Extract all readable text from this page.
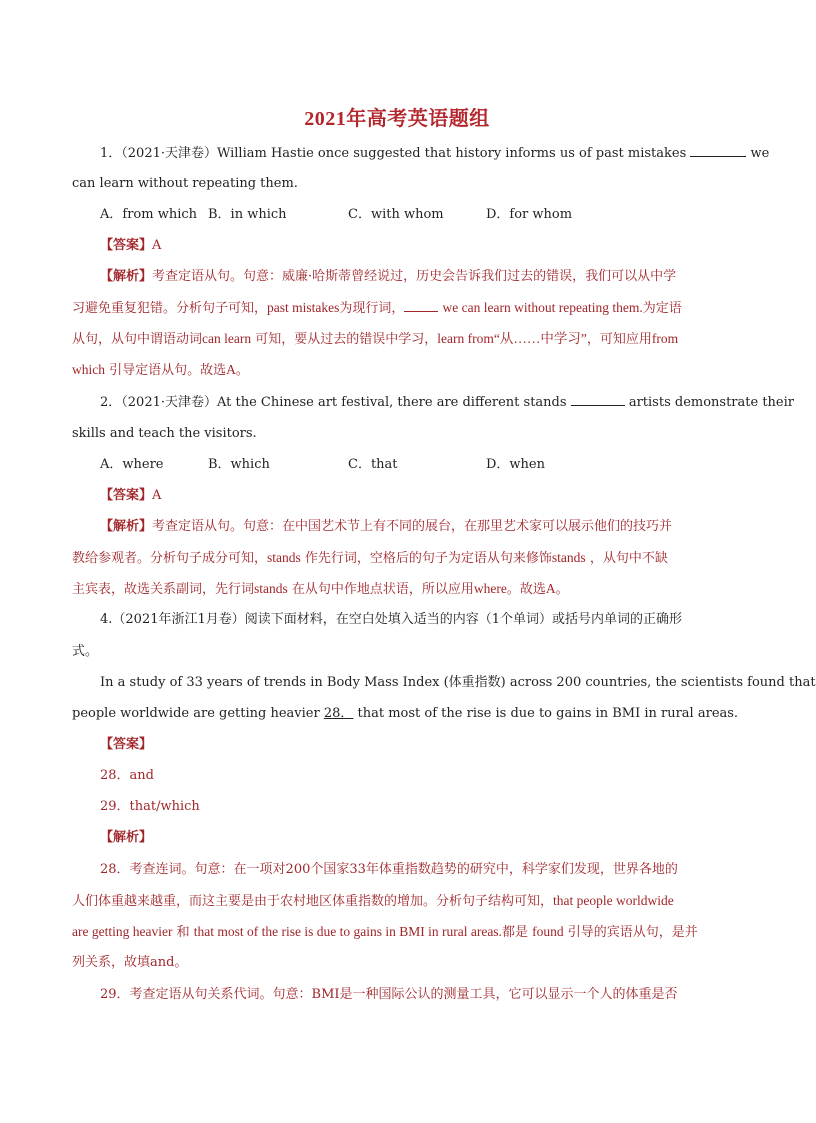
2021年高考英语题组
1．（2021·天津卷）William Hastie once suggested that history informs us of past mistakes	we
can learn without repeating them.
A．from which B．in which	C．with whom	D．for whom
【答案】A
【解析】考查定语从句。句意：威廉·哈斯蒂曾经说过，历史会告诉我们过去的错误，我们可以从中学
习避免重复犯错。分析句子可知，past mistakes为现行词，	we can learn without repeating them.为定语
从句，从句中谓语动词can learn 可知，要从过去的错误中学习，learn from“从……中学习”，可知应用from
which 引导定语从句。故选A。
2．（2021·天津卷）At the Chinese art festival, there are different stands	artists demonstrate their
skills and teach the visitors.
A．where	B．which	C．that	D．when
【答案】A
【解析】考查定语从句。句意：在中国艺术节上有不同的展台，在那里艺术家可以展示他们的技巧并
教给参观者。分析句子成分可知，stands 作先行词，空格后的句子为定语从句来修饰stands ，从句中不缺
主宾表，故选关系副词，先行词stands 在从句中作地点状语，所以应用where。故选A。
4.（2021年浙江1月卷）阅读下面材料，在空白处填入适当的内容（1个单词）或括号内单词的正确形
式。
In a study of 33 years of trends in Body Mass Index (体重指数) across 200 countries, the scientists found that
people worldwide are getting heavier 28． that most of the rise is due to gains in BMI in rural areas.
【答案】
28．and
29．that/which
【解析】
28．考查连词。句意：在一项对200个国家33年体重指数趋势的研究中，科学家们发现，世界各地的
人们体重越来越重，而这主要是由于农村地区体重指数的增加。分析句子结构可知，that people worldwide
are getting heavier 和 that most of the rise is due to gains in BMI in rural areas.都是 found 引导的宾语从句，是并
列关系，故填and。
29．考查定语从句关系代词。句意：BMI是一种国际公认的测量工具，它可以显示一个人的体重是否
